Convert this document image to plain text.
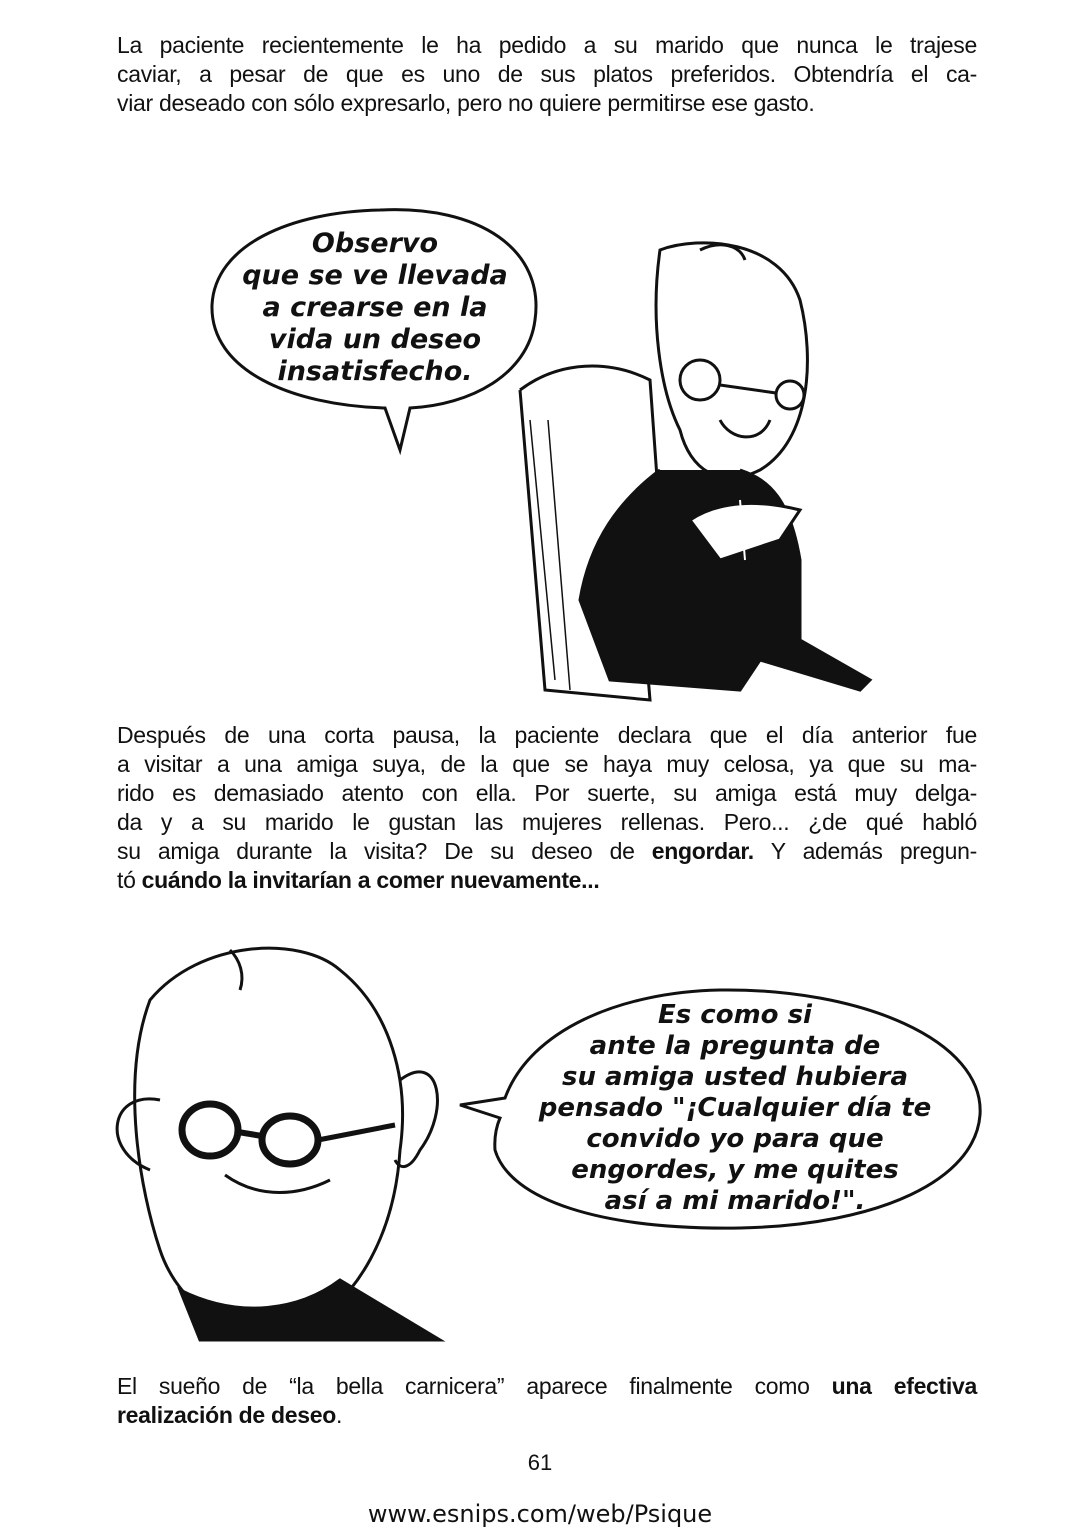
La paciente recientemente le ha pedido a su marido que nunca le trajese
caviar, a pesar de que es uno de sus platos preferidos. Obtendría el ca-
viar deseado con sólo expresarlo, pero no quiere permitirse ese gasto.
Observo
que se ve llevada
a crearse en la
vida un deseo
insatisfecho.
Después de una corta pausa, la paciente declara que el día anterior fue
a visitar a una amiga suya, de la que se haya muy celosa, ya que su ma-
rido es demasiado atento con ella. Por suerte, su amiga está muy delga-
da y a su marido le gustan las mujeres rellenas. Pero... ¿de qué habló
su amiga durante la visita? De su deseo de engordar. Y además pregun-
tó cuándo la invitarían a comer nuevamente...
Es como si
ante la pregunta de
su amiga usted hubiera
pensado "¡Cualquier día te
convido yo para que
engordes, y me quites
así a mi marido!".
El sueño de “la bella carnicera” aparece finalmente como una efectiva
realización de deseo.
61
www.esnips.com/web/Psique
